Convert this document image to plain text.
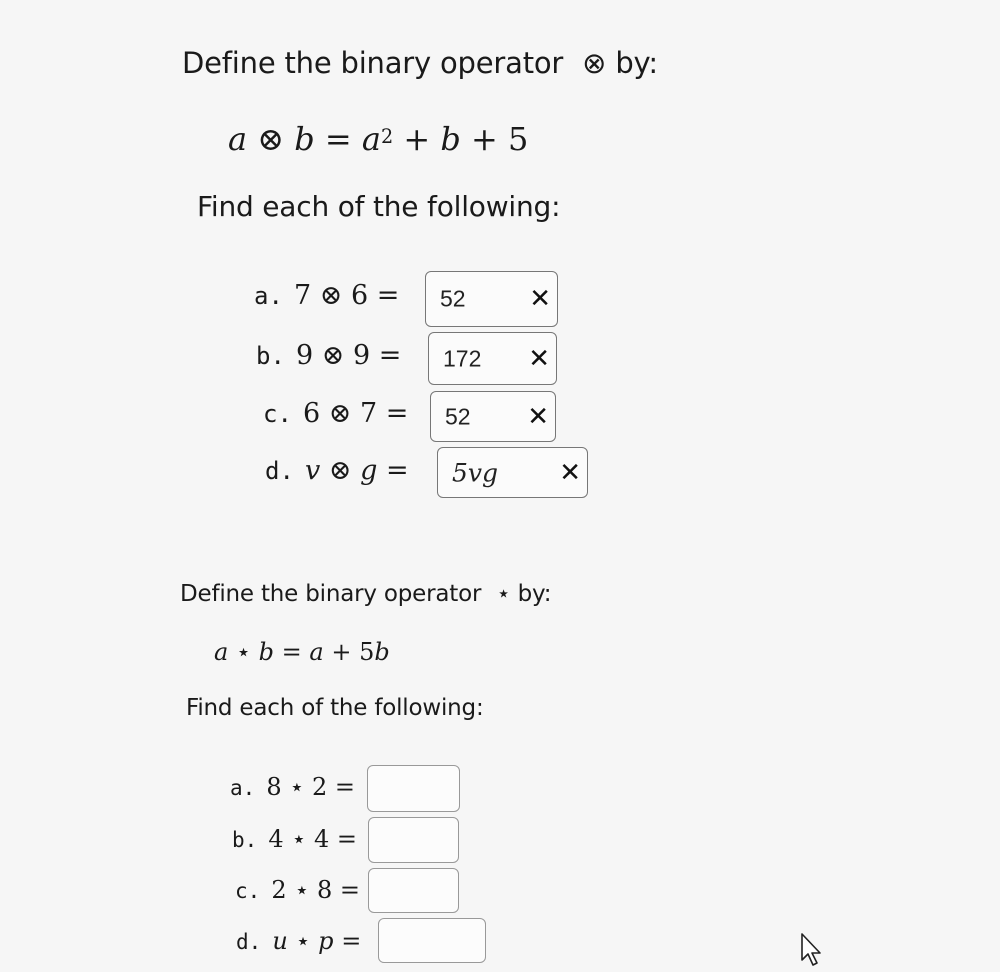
Define the binary operator ⊗ by:
a ⊗ $b = a^2 + b + 5$
Find each of the following:
a. 7 ⊗ 6 = 52 ✕
b. 9 ⊗ 9 = 172 ✕
c. 6 ⊗ 7 = 52 ✕
d. v ⊗ g = 5vg ✕
Define the binary operator ⋆ by:
a ⋆ b = a + 5b
Find each of the following:
a. 8 ⋆ 2 =
b. 4 ⋆ 4 =
c. 2 ⋆ 8 =
d. u ⋆ p =
